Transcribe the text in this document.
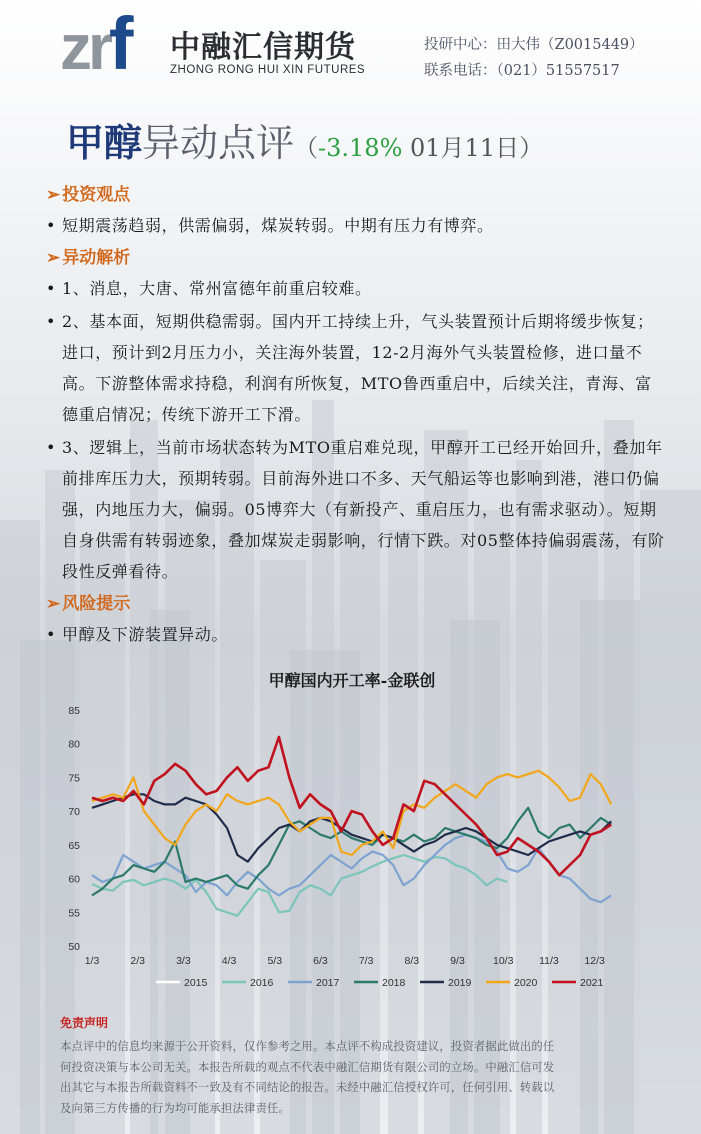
zrf 中融汇信期货
ZHONG RONG HUI XIN FUTURES
投研中心：田大伟（Z0015449）
联系电话：（021）51557517
甲醇异动点评（-3.18% 01月11日）
➢ 投资观点
• 短期震荡趋弱，供需偏弱，煤炭转弱。中期有压力有博弈。
➢ 异动解析
• 1、消息，大唐、常州富德年前重启较难。
• 2、基本面，短期供稳需弱。国内开工持续上升，气头装置预计后期将缓步恢复；进口，预计到2月压力小，关注海外装置，12-2月海外气头装置检修，进口量不高。下游整体需求持稳，利润有所恢复，MTO鲁西重启中，后续关注，青海、富德重启情况；传统下游开工下滑。
• 3、逻辑上，当前市场状态转为MTO重启难兑现，甲醇开工已经开始回升，叠加年前排库压力大，预期转弱。目前海外进口不多、天气船运等也影响到港，港口仍偏强，内地压力大，偏弱。05博弈大（有新投产、重启压力，也有需求驱动）。短期自身供需有转弱迹象，叠加煤炭走弱影响，行情下跌。对05整体持偏弱震荡，有阶段性反弹看待。
➢ 风险提示
• 甲醇及下游装置异动。
甲醇国内开工率-金联创
50
55
60
65
70
75
80
85
1/3	2/3	3/3	4/3	5/3	6/3	7/3	8/3	9/3	10/3 11/3 12/3
2015	2016	2017	2018	2019	2020	2021
免责声明
本点评中的信息均来源于公开资料，仅作参考之用。本点评不构成投资建议，投资者据此做出的任
何投资决策与本公司无关。本报告所载的观点不代表中融汇信期货有限公司的立场。中融汇信可发
出其它与本报告所载资料不一致及有不同结论的报告。未经中融汇信授权许可，任何引用、转载以
及向第三方传播的行为均可能承担法律责任。
